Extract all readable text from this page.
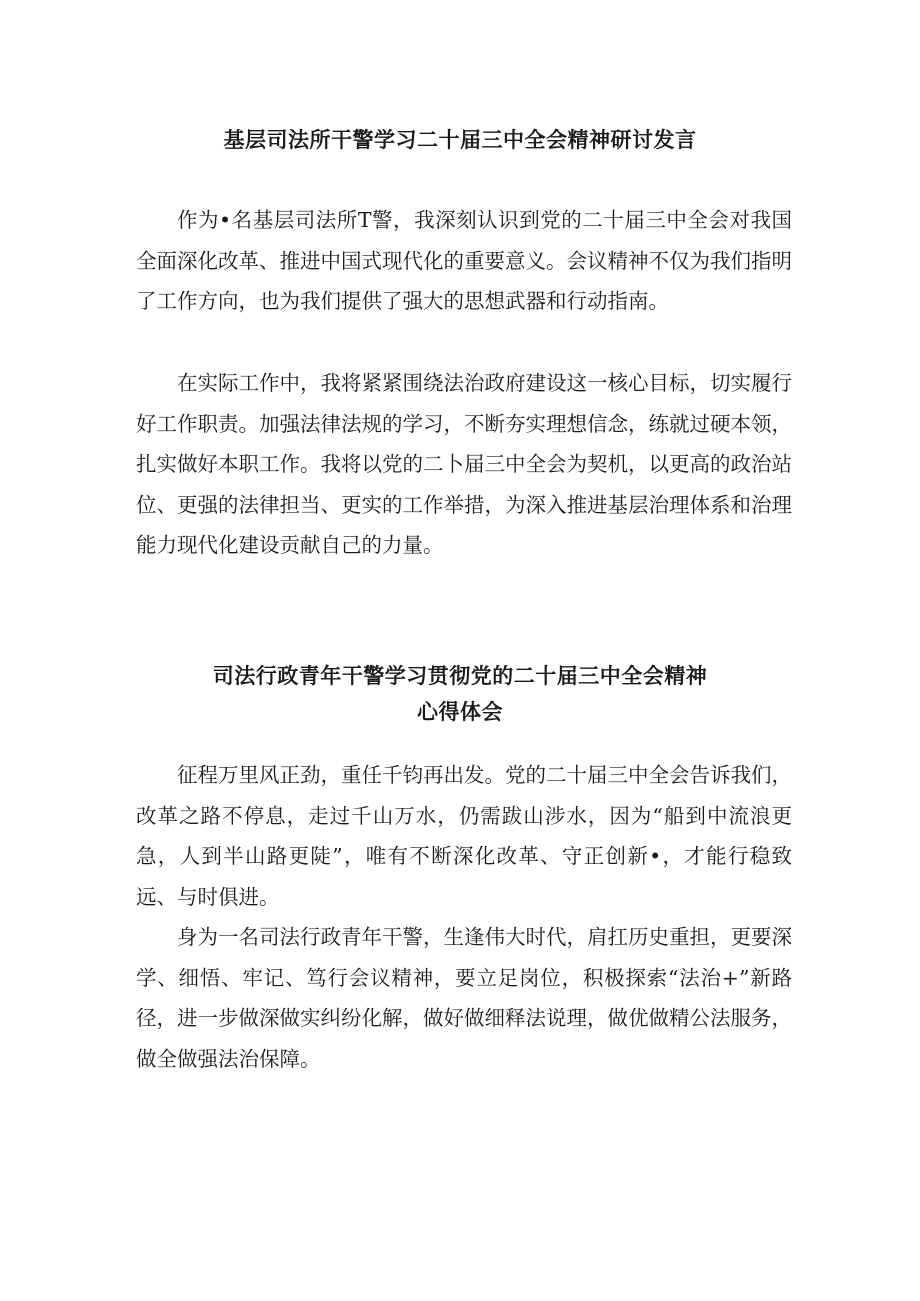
基层司法所干警学习二十届三中全会精神研讨发言

作为•名基层司法所T警，我深刻认识到党的二十届三中全会对我国全面深化改革、推进中国式现代化的重要意义。会议精神不仅为我们指明了工作方向，也为我们提供了强大的思想武器和行动指南。

在实际工作中，我将紧紧围绕法治政府建设这一核心目标，切实履行好工作职责。加强法律法规的学习，不断夯实理想信念，练就过硬本领，扎实做好本职工作。我将以党的二卜届三中全会为契机，以更高的政治站位、更强的法律担当、更实的工作举措，为深入推进基层治理体系和治理能力现代化建设贡献自己的力量。

司法行政青年干警学习贯彻党的二十届三中全会精神
心得体会

征程万里风正劲，重任千钧再出发。党的二十届三中全会告诉我们，改革之路不停息，走过千山万水，仍需跋山涉水，因为“船到中流浪更急，人到半山路更陡”，唯有不断深化改革、守正创新•，才能行稳致远、与时俱进。

身为一名司法行政青年干警，生逢伟大时代，肩扛历史重担，更要深学、细悟、牢记、笃行会议精神，要立足岗位，积极探索“法治+”新路径，进一步做深做实纠纷化解，做好做细释法说理，做优做精公法服务，做全做强法治保障。
